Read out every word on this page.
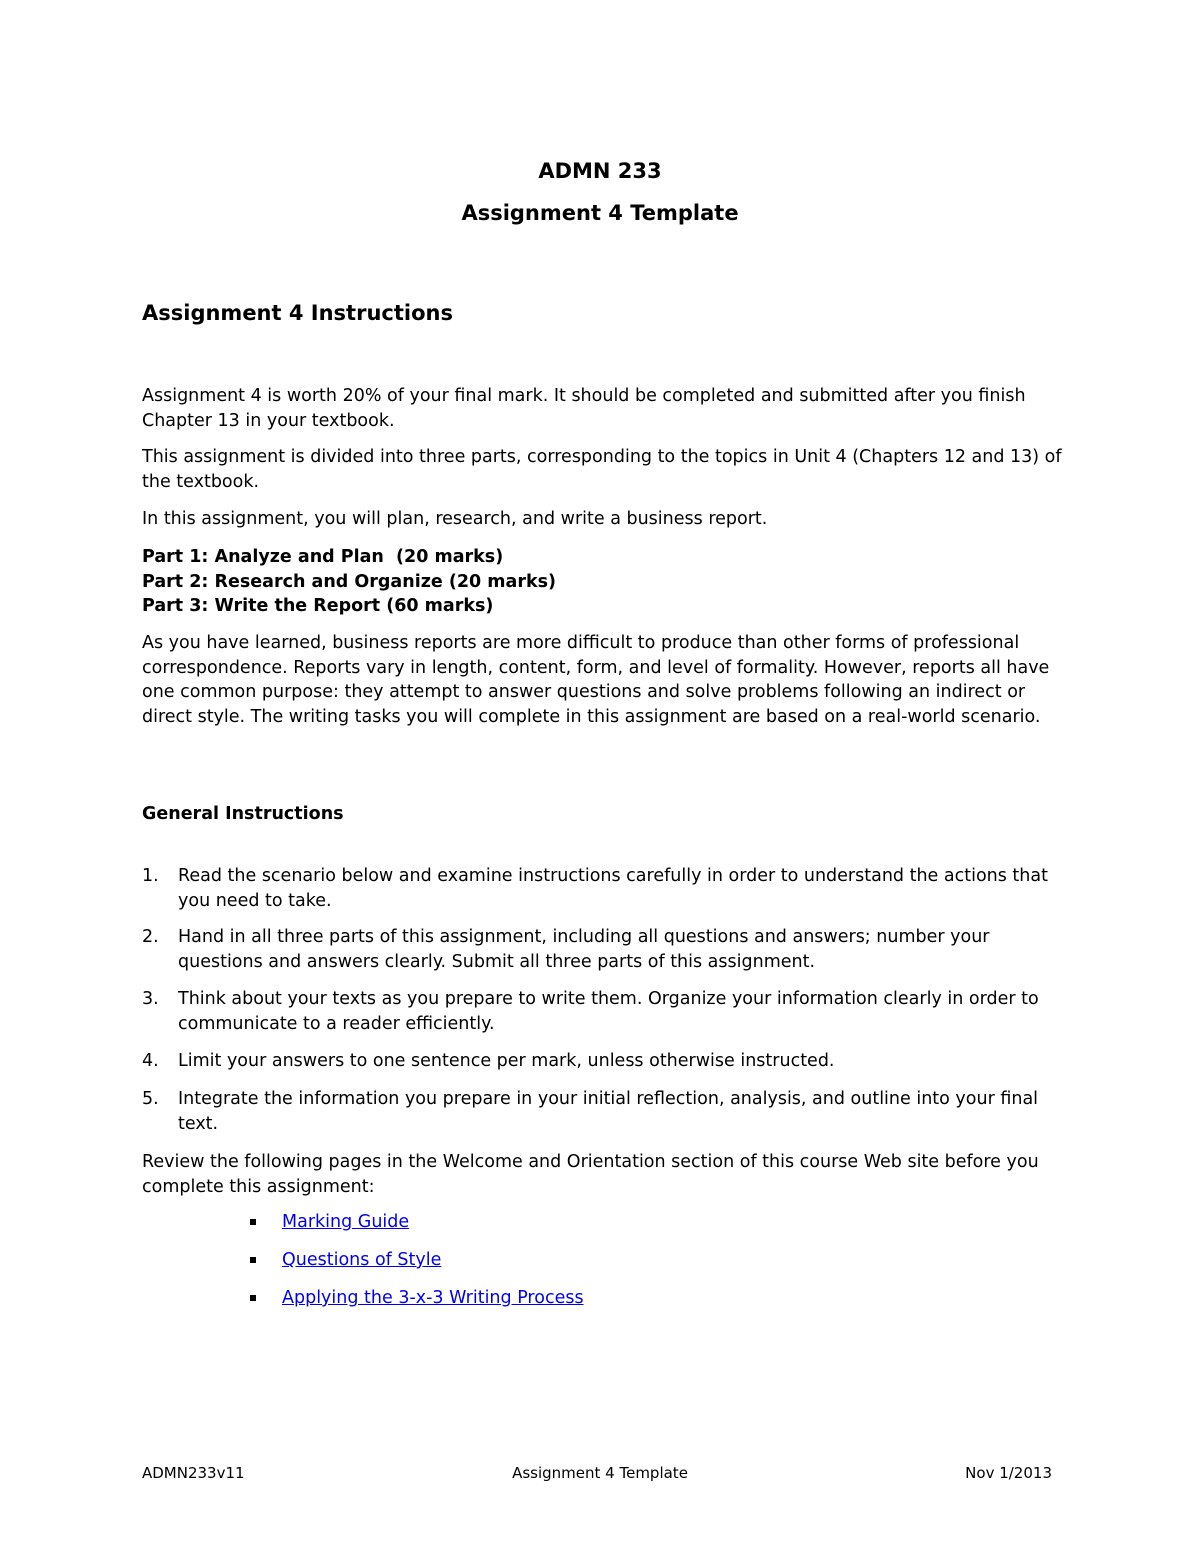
ADMN 233
Assignment 4 Template
Assignment 4 Instructions
Assignment 4 is worth 20% of your final mark. It should be completed and submitted after you finish Chapter 13 in your textbook.
This assignment is divided into three parts, corresponding to the topics in Unit 4 (Chapters 12 and 13) of the textbook.
In this assignment, you will plan, research, and write a business report.
Part 1: Analyze and Plan  (20 marks)
Part 2: Research and Organize (20 marks)
Part 3: Write the Report (60 marks)
As you have learned, business reports are more difficult to produce than other forms of professional correspondence. Reports vary in length, content, form, and level of formality. However, reports all have one common purpose: they attempt to answer questions and solve problems following an indirect or direct style. The writing tasks you will complete in this assignment are based on a real-world scenario.
General Instructions
1. Read the scenario below and examine instructions carefully in order to understand the actions that you need to take.
2. Hand in all three parts of this assignment, including all questions and answers; number your questions and answers clearly. Submit all three parts of this assignment.
3. Think about your texts as you prepare to write them. Organize your information clearly in order to communicate to a reader efficiently.
4. Limit your answers to one sentence per mark, unless otherwise instructed.
5. Integrate the information you prepare in your initial reflection, analysis, and outline into your final text.
Review the following pages in the Welcome and Orientation section of this course Web site before you complete this assignment:
Marking Guide
Questions of Style
Applying the 3-x-3 Writing Process
ADMN233v11	Assignment 4 Template	Nov 1/2013
